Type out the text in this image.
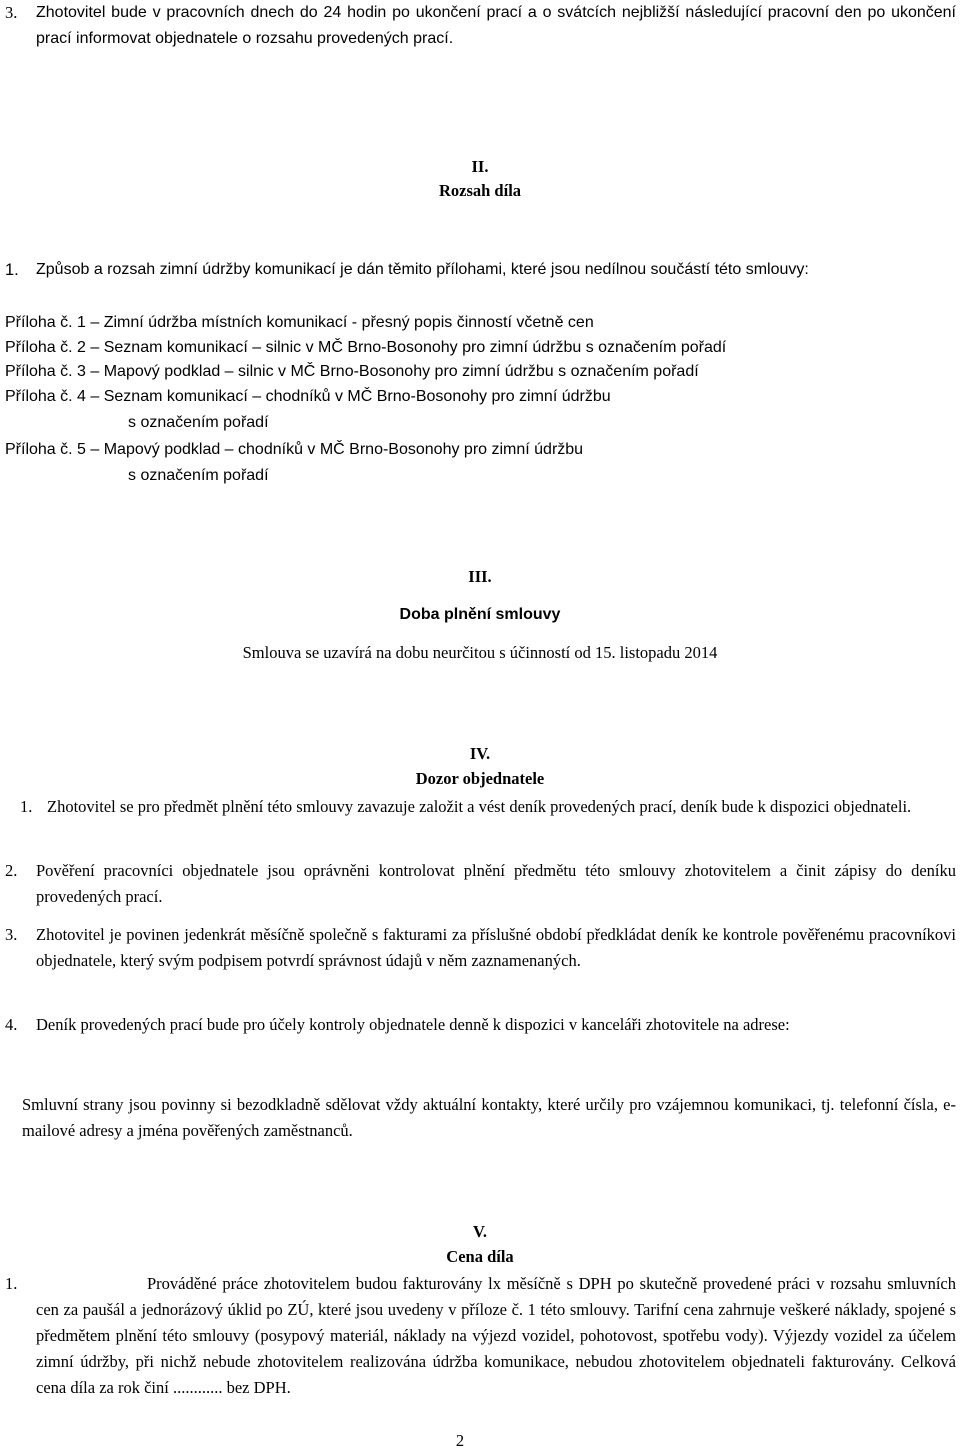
3. Zhotovitel bude v pracovních dnech do 24 hodin po ukončení prací a o svátcích nejbližší následující pracovní den po ukončení prací informovat objednatele o rozsahu provedených prací.
II.
Rozsah díla
1. Způsob a rozsah zimní údržby komunikací je dán těmito přílohami, které jsou nedílnou součástí této smlouvy:
Příloha č. 1 – Zimní údržba místních komunikací - přesný popis činností včetně cen
Příloha č. 2 – Seznam komunikací – silnic v MČ Brno-Bosonohy pro zimní údržbu s označením pořadí
Příloha č. 3 – Mapový podklad – silnic v MČ Brno-Bosonohy pro zimní údržbu s označením pořadí
Příloha č. 4 – Seznam komunikací – chodníků v MČ Brno-Bosonohy pro zimní údržbu
s označením pořadí
Příloha č. 5 – Mapový podklad – chodníků v MČ Brno-Bosonohy pro zimní údržbu
s označením pořadí
III.
Doba plnění smlouvy
Smlouva se uzavírá na dobu neurčitou s účinností od 15. listopadu 2014
IV.
Dozor objednatele
1. Zhotovitel se pro předmět plnění této smlouvy zavazuje založit a vést deník provedených prací, deník bude k dispozici objednateli.
2. Pověření pracovníci objednatele jsou oprávněni kontrolovat plnění předmětu této smlouvy zhotovitelem a činit zápisy do deníku provedených prací.
3. Zhotovitel je povinen jedenkrát měsíčně společně s fakturami za příslušné období předkládat deník ke kontrole pověřenému pracovníkovi objednatele, který svým podpisem potvrdí správnost údajů v něm zaznamenaných.
4. Deník provedených prací bude pro účely kontroly objednatele denně k dispozici v kanceláři zhotovitele na adrese:
Smluvní strany jsou povinny si bezodkladně sdělovat vždy aktuální kontakty, které určily pro vzájemnou komunikaci, tj. telefonní čísla, e-mailové adresy a jména pověřených zaměstnanců.
V.
Cena díla
1.	Prováděné práce zhotovitelem budou fakturovány lx měsíčně s DPH po skutečně provedené práci v rozsahu smluvních cen za paušál a jednorázový úklid po ZÚ, které jsou uvedeny v příloze č. 1 této smlouvy. Tarifní cena zahrnuje veškeré náklady, spojené s předmětem plnění této smlouvy (posypový materiál, náklady na výjezd vozidel, pohotovost, spotřebu vody). Výjezdy vozidel za účelem zimní údržby, při nichž nebude zhotovitelem realizována údržba komunikace, nebudou zhotovitelem objednateli fakturovány. Celková cena díla za rok činí ............ bez DPH.
2
